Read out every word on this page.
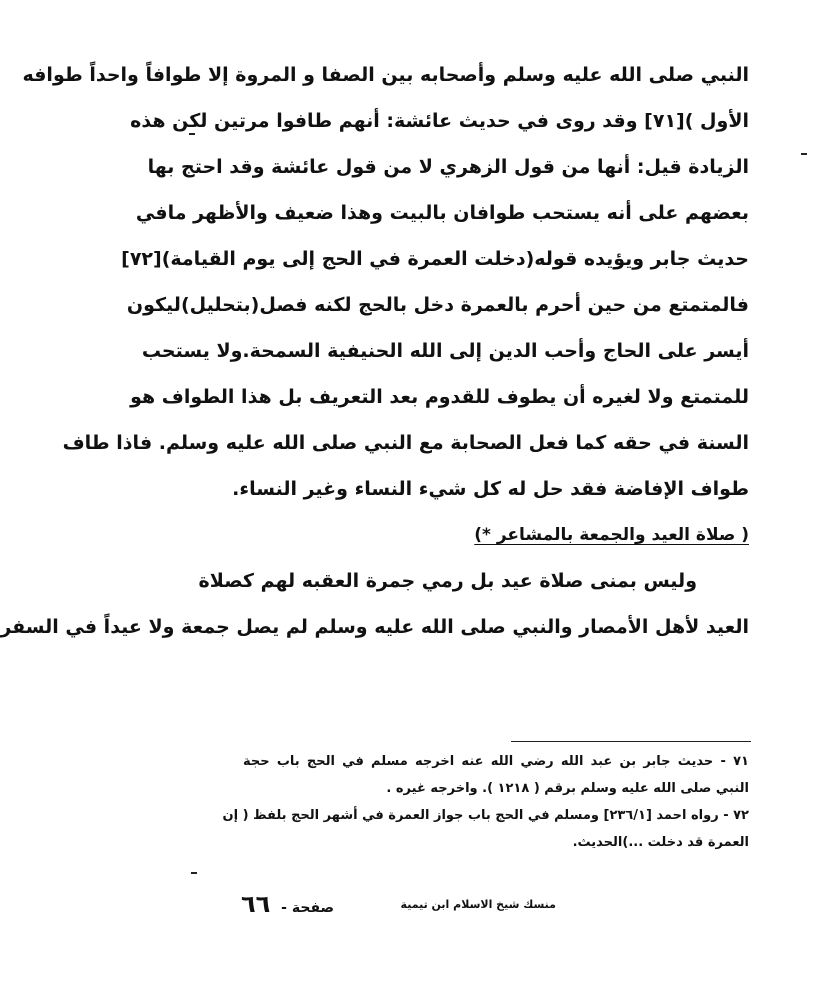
النبي صلى الله عليه وسلم وأصحابه بين الصفا و المروة إلا طوافاً واحداً طوافه
الأول )[٧١] وقد روى في حديث عائشة: أنهم طافوا مرتين لكن هذه
الزيادة قيل: أنها من قول الزهري لا من قول عائشة وقد احتج بها
بعضهم على أنه يستحب طوافان بالبيت وهذا ضعيف والأظهر مافي
حديث جابر ويؤيده قوله(دخلت العمرة في الحج إلى يوم القيامة)[٧٢]
فالمتمتع من حين أحرم بالعمرة دخل بالحج لكنه فصل(بتحليل)ليكون
أيسر على الحاج وأحب الدين إلى الله الحنيفية السمحة.ولا يستحب
للمتمتع ولا لغيره أن يطوف للقدوم بعد التعريف بل هذا الطواف هو
السنة في حقه كما فعل الصحابة مع النبي صلى الله عليه وسلم. فاذا طاف
طواف الإفاضة فقد حل له كل شيء النساء وغير النساء.
( صلاة العيد والجمعة بالمشاعر *)
وليس بمنى صلاة عيد بل رمي جمرة العقبه لهم كصلاة
العيد لأهل الأمصار والنبي صلى الله عليه وسلم لم يصل جمعة ولا عيداً في السفر
٧١ - حديث جابر بن عبد الله رضي الله عنه اخرجه مسلم في الحج باب حجة
النبي صلى الله عليه وسلم برقم ( ١٢١٨ ). واخرجه غيره .
٧٢ - رواه احمد [٢٣٦/١] ومسلم في الحج باب جواز العمرة في أشهر الحج بلفظ ( إن
العمرة قد دخلت ...)الحديث.
منسك شيخ الاسلام ابن تيمية
صفحة - ٦٦
